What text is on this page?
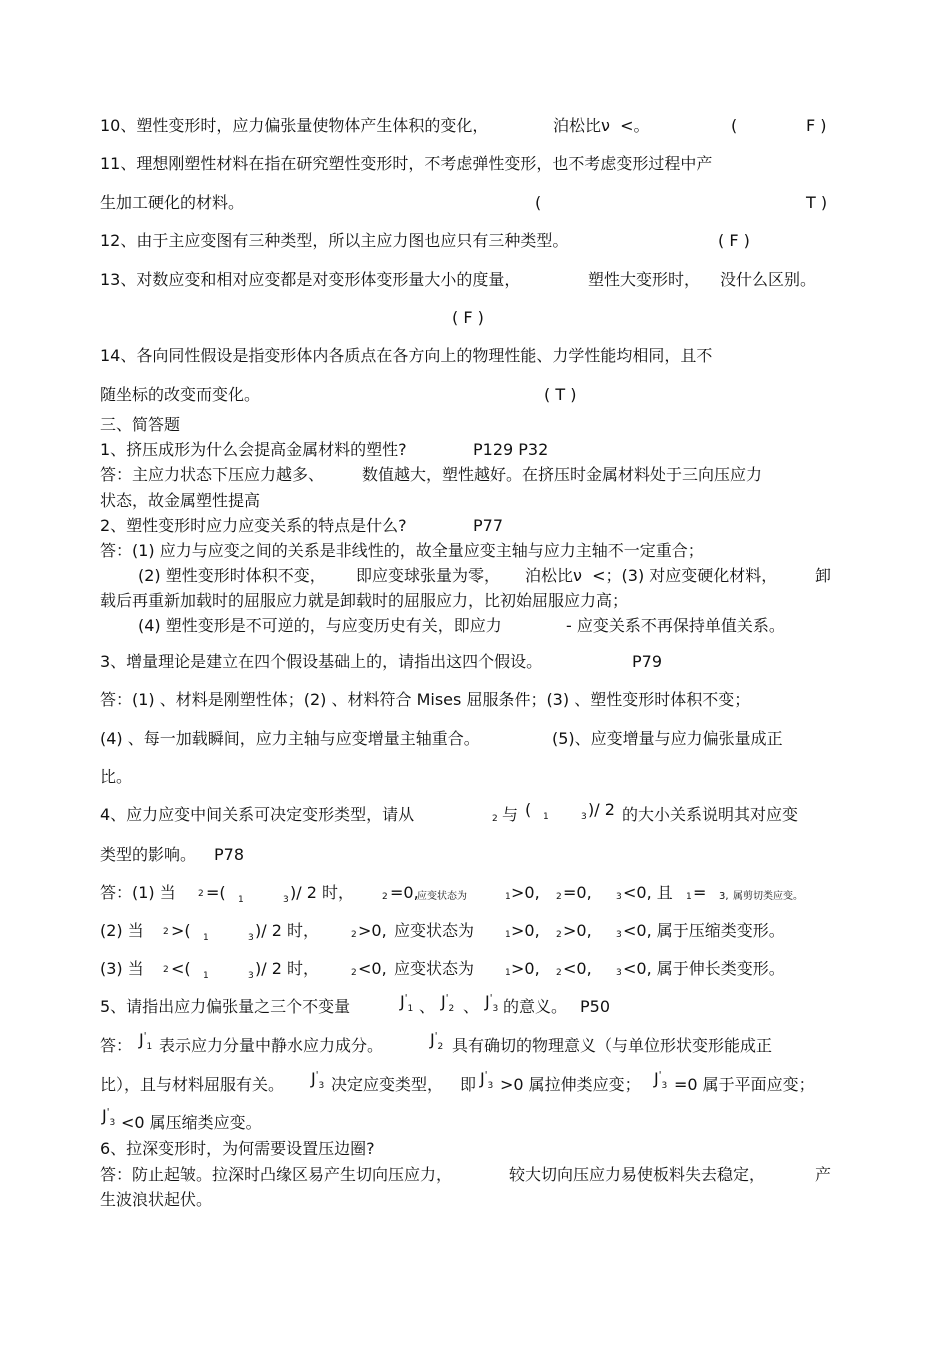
10、塑性变形时，应力偏张量使物体产生体积的变化，	泊松比ν  <。	(	F )
11、理想刚塑性材料在指在研究塑性变形时，不考虑弹性变形，也不考虑变形过程中产
生加工硬化的材料。	(	T )
12、由于主应变图有三种类型，所以主应力图也应只有三种类型。	( F )
13、对数应变和相对应变都是对变形体变形量大小的度量，	塑性大变形时， 没什么区别。
( F )
14、各向同性假设是指变形体内各质点在各方向上的物理性能、力学性能均相同，且不
随坐标的改变而变化。	( T )
三、简答题
1、挤压成形为什么会提高金属材料的塑性?	P129 P32
答：主应力状态下压应力越多、 数值越大，塑性越好。在挤压时金属材料处于三向压应力
状态，故金属塑性提高
2、塑性变形时应力应变关系的特点是什么?	P77
答：(1) 应力与应变之间的关系是非线性的，故全量应变主轴与应力主轴不一定重合；
(2) 塑性变形时体积不变， 即应变球张量为零， 泊松比ν  <；(3) 对应变硬化材料， 卸
载后再重新加载时的屈服应力就是卸载时的屈服应力，比初始屈服应力高；
(4) 塑性变形是不可逆的，与应变历史有关，即应力	- 应变关系不再保持单值关系。
3、增量理论是建立在四个假设基础上的，请指出这四个假设。	P79
答：(1) 、材料是刚塑性体；(2) 、材料符合 Mises 屈服条件；(3) 、塑性变形时体积不变；
(4) 、每一加载瞬间，应力主轴与应变增量主轴重合。	(5)、应变增量与应力偏张量成正
比。
4、应力应变中间关系可决定变形类型，请从	2 与 ( 1	3 )/ 2 的大小关系说明其对应变
类型的影响。 P78
答：(1) 当 2 =( 1	3 )/ 2 时，	2 =0,
应变状态为	1 >0, 2 =0,	3 <0, 且 1 = 3, 属剪切类应变。
(2) 当 2 >( 1	3 )/ 2 时，	2 >0, 应变状态为	1 >0, 2 >0,	3 <0, 属于压缩类变形。
(3) 当 2 <( 1	3 )/ 2 时，	2 <0, 应变状态为	1 >0, 2 <0,	3 <0, 属于伸长类变形。
5、请指出应力偏张量之三个不变量	$J'_1$ 、 $J'_2$ 、 $J'_3$ 的意义。 P50
答： $J'_1$ 表示应力分量中静水应力成分。	$J'_2$ 具有确切的物理意义（与单位形状变形能成正
比），且与材料屈服有关。 $J'_3$ 决定应变类型， 即 $J'_3 >0$ 属拉伸类应变； $J'_3 =0$ 属于平面应变；
$J'_3 <0$ 属压缩类应变。
6、拉深变形时，为何需要设置压边圈?
答：防止起皱。拉深时凸缘区易产生切向压应力，	较大切向压应力易使板料失去稳定，	产
生波浪状起伏。
